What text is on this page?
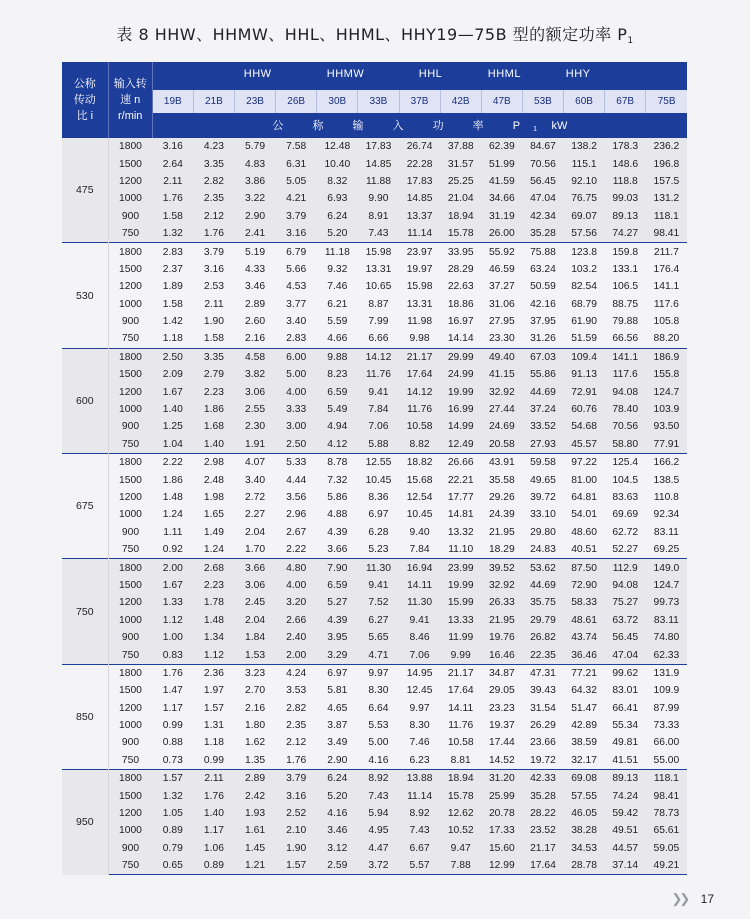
表 8 HHW、HHMW、HHL、HHML、HHY19—75B 型的额定功率 $P_1$
公称
传动
比 i	输入转
速 n
r/min	HHW HHMW HHL HHML HHY												

		19B	21B	23B	26B	30B	33B	37B	42B	47B	53B	60B	67B	75B
		公 称 输 入 功 率 $P_1$ kW												
475	1800	3.16	4.23	5.79	7.58	12.48	17.83	26.74	37.88	62.39	84.67	138.2	178.3	236.2
	1500	2.64	3.35	4.83	6.31	10.40	14.85	22.28	31.57	51.99	70.56	115.1	148.6	196.8
	1200	2.11	2.82	3.86	5.05	8.32	11.88	17.83	25.25	41.59	56.45	92.10	118.8	157.5
	1000	1.76	2.35	3.22	4.21	6.93	9.90	14.85	21.04	34.66	47.04	76.75	99.03	131.2
	900	1.58	2.12	2.90	3.79	6.24	8.91	13.37	18.94	31.19	42.34	69.07	89.13	118.1
	750	1.32	1.76	2.41	3.16	5.20	7.43	11.14	15.78	26.00	35.28	57.56	74.27	98.41
530	1800	2.83	3.79	5.19	6.79	11.18	15.98	23.97	33.95	55.92	75.88	123.8	159.8	211.7
	1500	2.37	3.16	4.33	5.66	9.32	13.31	19.97	28.29	46.59	63.24	103.2	133.1	176.4
	1200	1.89	2.53	3.46	4.53	7.46	10.65	15.98	22.63	37.27	50.59	82.54	106.5	141.1
	1000	1.58	2.11	2.89	3.77	6.21	8.87	13.31	18.86	31.06	42.16	68.79	88.75	117.6
	900	1.42	1.90	2.60	3.40	5.59	7.99	11.98	16.97	27.95	37.95	61.90	79.88	105.8
	750	1.18	1.58	2.16	2.83	4.66	6.66	9.98	14.14	23.30	31.26	51.59	66.56	88.20
600	1800	2.50	3.35	4.58	6.00	9.88	14.12	21.17	29.99	49.40	67.03	109.4	141.1	186.9
	1500	2.09	2.79	3.82	5.00	8.23	11.76	17.64	24.99	41.15	55.86	91.13	117.6	155.8
	1200	1.67	2.23	3.06	4.00	6.59	9.41	14.12	19.99	32.92	44.69	72.91	94.08	124.7
	1000	1.40	1.86	2.55	3.33	5.49	7.84	11.76	16.99	27.44	37.24	60.76	78.40	103.9
	900	1.25	1.68	2.30	3.00	4.94	7.06	10.58	14.99	24.69	33.52	54.68	70.56	93.50
	750	1.04	1.40	1.91	2.50	4.12	5.88	8.82	12.49	20.58	27.93	45.57	58.80	77.91
675	1800	2.22	2.98	4.07	5.33	8.78	12.55	18.82	26.66	43.91	59.58	97.22	125.4	166.2
	1500	1.86	2.48	3.40	4.44	7.32	10.45	15.68	22.21	35.58	49.65	81.00	104.5	138.5
	1200	1.48	1.98	2.72	3.56	5.86	8.36	12.54	17.77	29.26	39.72	64.81	83.63	110.8
	1000	1.24	1.65	2.27	2.96	4.88	6.97	10.45	14.81	24.39	33.10	54.01	69.69	92.34
	900	1.11	1.49	2.04	2.67	4.39	6.28	9.40	13.32	21.95	29.80	48.60	62.72	83.11
	750	0.92	1.24	1.70	2.22	3.66	5.23	7.84	11.10	18.29	24.83	40.51	52.27	69.25
750	1800	2.00	2.68	3.66	4.80	7.90	11.30	16.94	23.99	39.52	53.62	87.50	112.9	149.0
	1500	1.67	2.23	3.06	4.00	6.59	9.41	14.11	19.99	32.92	44.69	72.90	94.08	124.7
	1200	1.33	1.78	2.45	3.20	5.27	7.52	11.30	15.99	26.33	35.75	58.33	75.27	99.73
	1000	1.12	1.48	2.04	2.66	4.39	6.27	9.41	13.33	21.95	29.79	48.61	63.72	83.11
	900	1.00	1.34	1.84	2.40	3.95	5.65	8.46	11.99	19.76	26.82	43.74	56.45	74.80
	750	0.83	1.12	1.53	2.00	3.29	4.71	7.06	9.99	16.46	22.35	36.46	47.04	62.33
850	1800	1.76	2.36	3.23	4.24	6.97	9.97	14.95	21.17	34.87	47.31	77.21	99.62	131.9
	1500	1.47	1.97	2.70	3.53	5.81	8.30	12.45	17.64	29.05	39.43	64.32	83.01	109.9
	1200	1.17	1.57	2.16	2.82	4.65	6.64	9.97	14.11	23.23	31.54	51.47	66.41	87.99
	1000	0.99	1.31	1.80	2.35	3.87	5.53	8.30	11.76	19.37	26.29	42.89	55.34	73.33
	900	0.88	1.18	1.62	2.12	3.49	5.00	7.46	10.58	17.44	23.66	38.59	49.81	66.00
	750	0.73	0.99	1.35	1.76	2.90	4.16	6.23	8.81	14.52	19.72	32.17	41.51	55.00
950	1800	1.57	2.11	2.89	3.79	6.24	8.92	13.88	18.94	31.20	42.33	69.08	89.13	118.1
	1500	1.32	1.76	2.42	3.16	5.20	7.43	11.14	15.78	25.99	35.28	57.55	74.24	98.41
	1200	1.05	1.40	1.93	2.52	4.16	5.94	8.92	12.62	20.78	28.22	46.05	59.42	78.73
	1000	0.89	1.17	1.61	2.10	3.46	4.95	7.43	10.52	17.33	23.52	38.28	49.51	65.61
	900	0.79	1.06	1.45	1.90	3.12	4.47	6.67	9.47	15.60	21.17	34.53	44.57	59.05
	750	0.65	0.89	1.21	1.57	2.59	3.72	5.57	7.88	12.99	17.64	28.78	37.14	49.21
❯❯ 17
